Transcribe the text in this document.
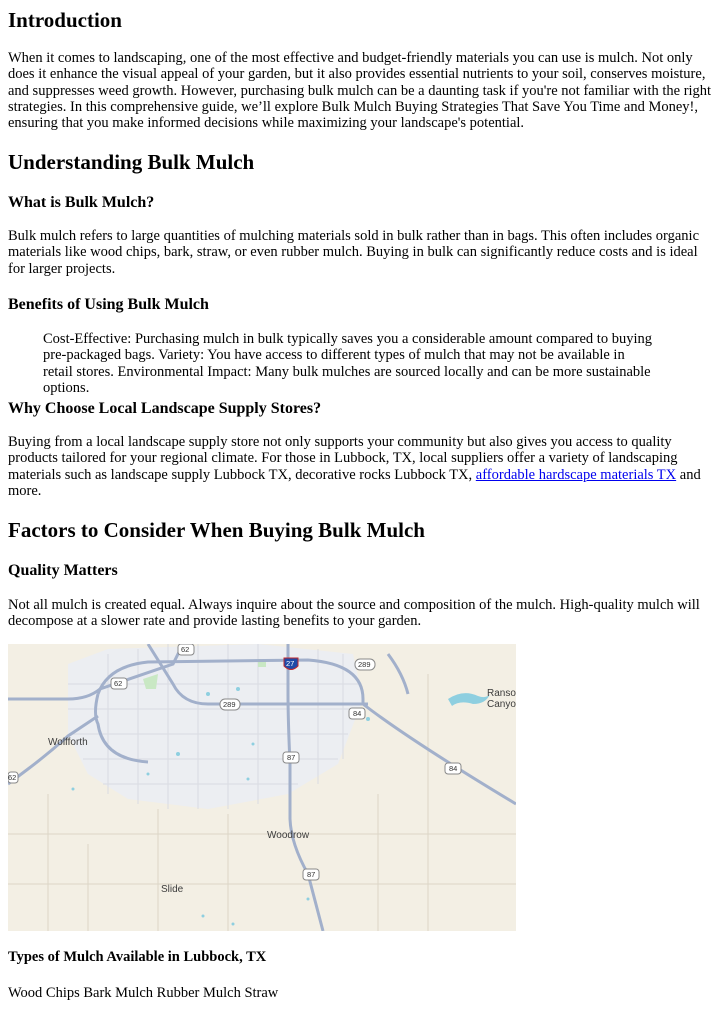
Introduction

When it comes to landscaping, one of the most effective and budget-friendly materials you can use is mulch. Not only does it enhance the visual appeal of your garden, but it also provides essential nutrients to your soil, conserves moisture, and suppresses weed growth. However, purchasing bulk mulch can be a daunting task if you're not familiar with the right strategies. In this comprehensive guide, we’ll explore Bulk Mulch Buying Strategies That Save You Time and Money!, ensuring that you make informed decisions while maximizing your landscape's potential.

Understanding Bulk Mulch
What is Bulk Mulch?

Bulk mulch refers to large quantities of mulching materials sold in bulk rather than in bags. This often includes organic materials like wood chips, bark, straw, or even rubber mulch. Buying in bulk can significantly reduce costs and is ideal for larger projects.

Benefits of Using Bulk Mulch

Cost-Effective: Purchasing mulch in bulk typically saves you a considerable amount compared to buying pre-packaged bags. Variety: You have access to different types of mulch that may not be available in retail stores. Environmental Impact: Many bulk mulches are sourced locally and can be more sustainable options.

Why Choose Local Landscape Supply Stores?

Buying from a local landscape supply store not only supports your community but also gives you access to quality products tailored for your regional climate. For those in Lubbock, TX, local suppliers offer a variety of landscaping materials such as landscape supply Lubbock TX, decorative rocks Lubbock TX, affordable hardscape materials TX and more.

Factors to Consider When Buying Bulk Mulch
Quality Matters

Not all mulch is created equal. Always inquire about the source and composition of the mulch. High-quality mulch will decompose at a slower rate and provide lasting benefits to your garden.

62
62
62
27	289
289
84
84
87
87
Wolfforth
Woodrow
Slide
Ranso
Canyo
Types of Mulch Available in Lubbock, TX

Wood Chips Bark Mulch Rubber Mulch Straw
